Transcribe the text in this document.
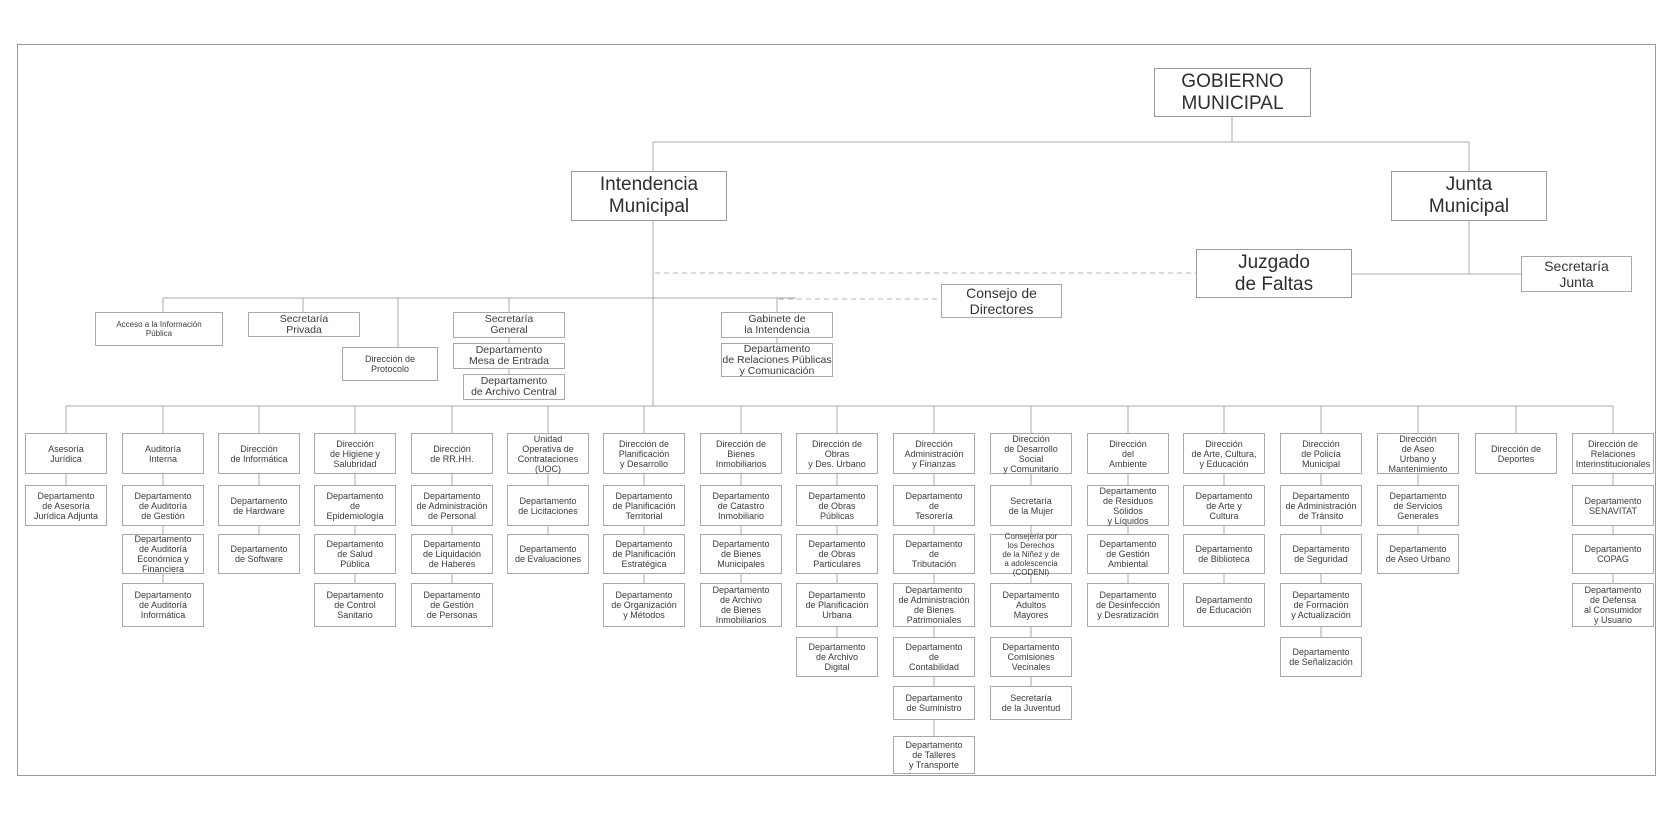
GOBIERNO
MUNICIPAL
Intendencia
Municipal
Junta
Municipal
Juzgado
de Faltas
Secretaría
Junta
Consejo de
Directores
Acceso a la Información
Pública
Secretaría
Privada
Dirección de
Protocolo
Secretaría
General
Departamento
Mesa de Entrada
Departamento
de Archivo Central
Gabinete de
la Intendencia
Departamento
de Relaciones Públicas
y Comunicación
Asesoría
Jurídica
Departamento
de Asesoría
Jurídica Adjunta
Auditoría
Interna
Departamento
de Auditoría
de Gestión
Departamento
de Auditoría
Económica y
Financiera
Departamento
de Auditoría
Informática
Dirección
de Informática
Departamento
de Hardware
Departamento
de Software
Dirección
de Higiene y
Salubridad
Departamento
de
Epidemiología
Departamento
de Salud
Pública
Departamento
de Control
Sanitario
Dirección
de RR.HH.
Departamento
de Administración
de Personal
Departamento
de Liquidación
de Haberes
Departamento
de Gestión
de Personas
Unidad
Operativa de
Contrataciones
(UOC)
Departamento
de Licitaciones
Departamento
de Evaluaciones
Dirección de
Planificación
y Desarrollo
Departamento
de Planificación
Territorial
Departamento
de Planificación
Estratégica
Departamento
de Organización
y Métodos
Dirección de
Bienes
Inmobiliarios
Departamento
de Catastro
Inmobiliario
Departamento
de Bienes
Municipales
Departamento
de Archivo
de Bienes
Inmobiliarios
Dirección de
Obras
y Des. Urbano
Departamento
de Obras
Públicas
Departamento
de Obras
Particulares
Departamento
de Planificación
Urbana
Departamento
de Archivo
Digital
Dirección
Administración
y Finanzas
Departamento
de
Tesorería
Departamento
de
Tributación
Departamento
de Administración
de Bienes
Patrimoniales
Departamento
de
Contabilidad
Departamento
de Suministro
Departamento
de Talleres
y Transporte
Dirección
de Desarrollo
Social
y Comunitario
Secretaría
de la Mujer
Consejería por
los Derechos
de la Niñez y de
a adolescencia
(CODENI)
Departamento
Adultos
Mayores
Departamento
Comisiones
Vecinales
Secretaría
de la Juventud
Dirección
del
Ambiente
Departamento
de Residuos
Sólidos
y Líquidos
Departamento
de Gestión
Ambiental
Departamento
de Desinfección
y Desratización
Dirección
de Arte, Cultura,
y Educación
Departamento
de Arte y
Cultura
Departamento
de Biblioteca
Departamento
de Educación
Dirección
de Policía
Municipal
Departamento
de Administración
de Tránsito
Departamento
de Seguridad
Departamento
de Formación
y Actualización
Departamento
de Señalización
Dirección
de Aseo
Urbano y
Mantenimiento
Departamento
de Servicios
Generales
Departamento
de Aseo Urbano
Dirección de
Deportes
Dirección de
Relaciones
Interinstitucionales
Departamento
SENAVITAT
Departamento
COPAG
Departamento
de Defensa
al Consumidor
y Usuario
